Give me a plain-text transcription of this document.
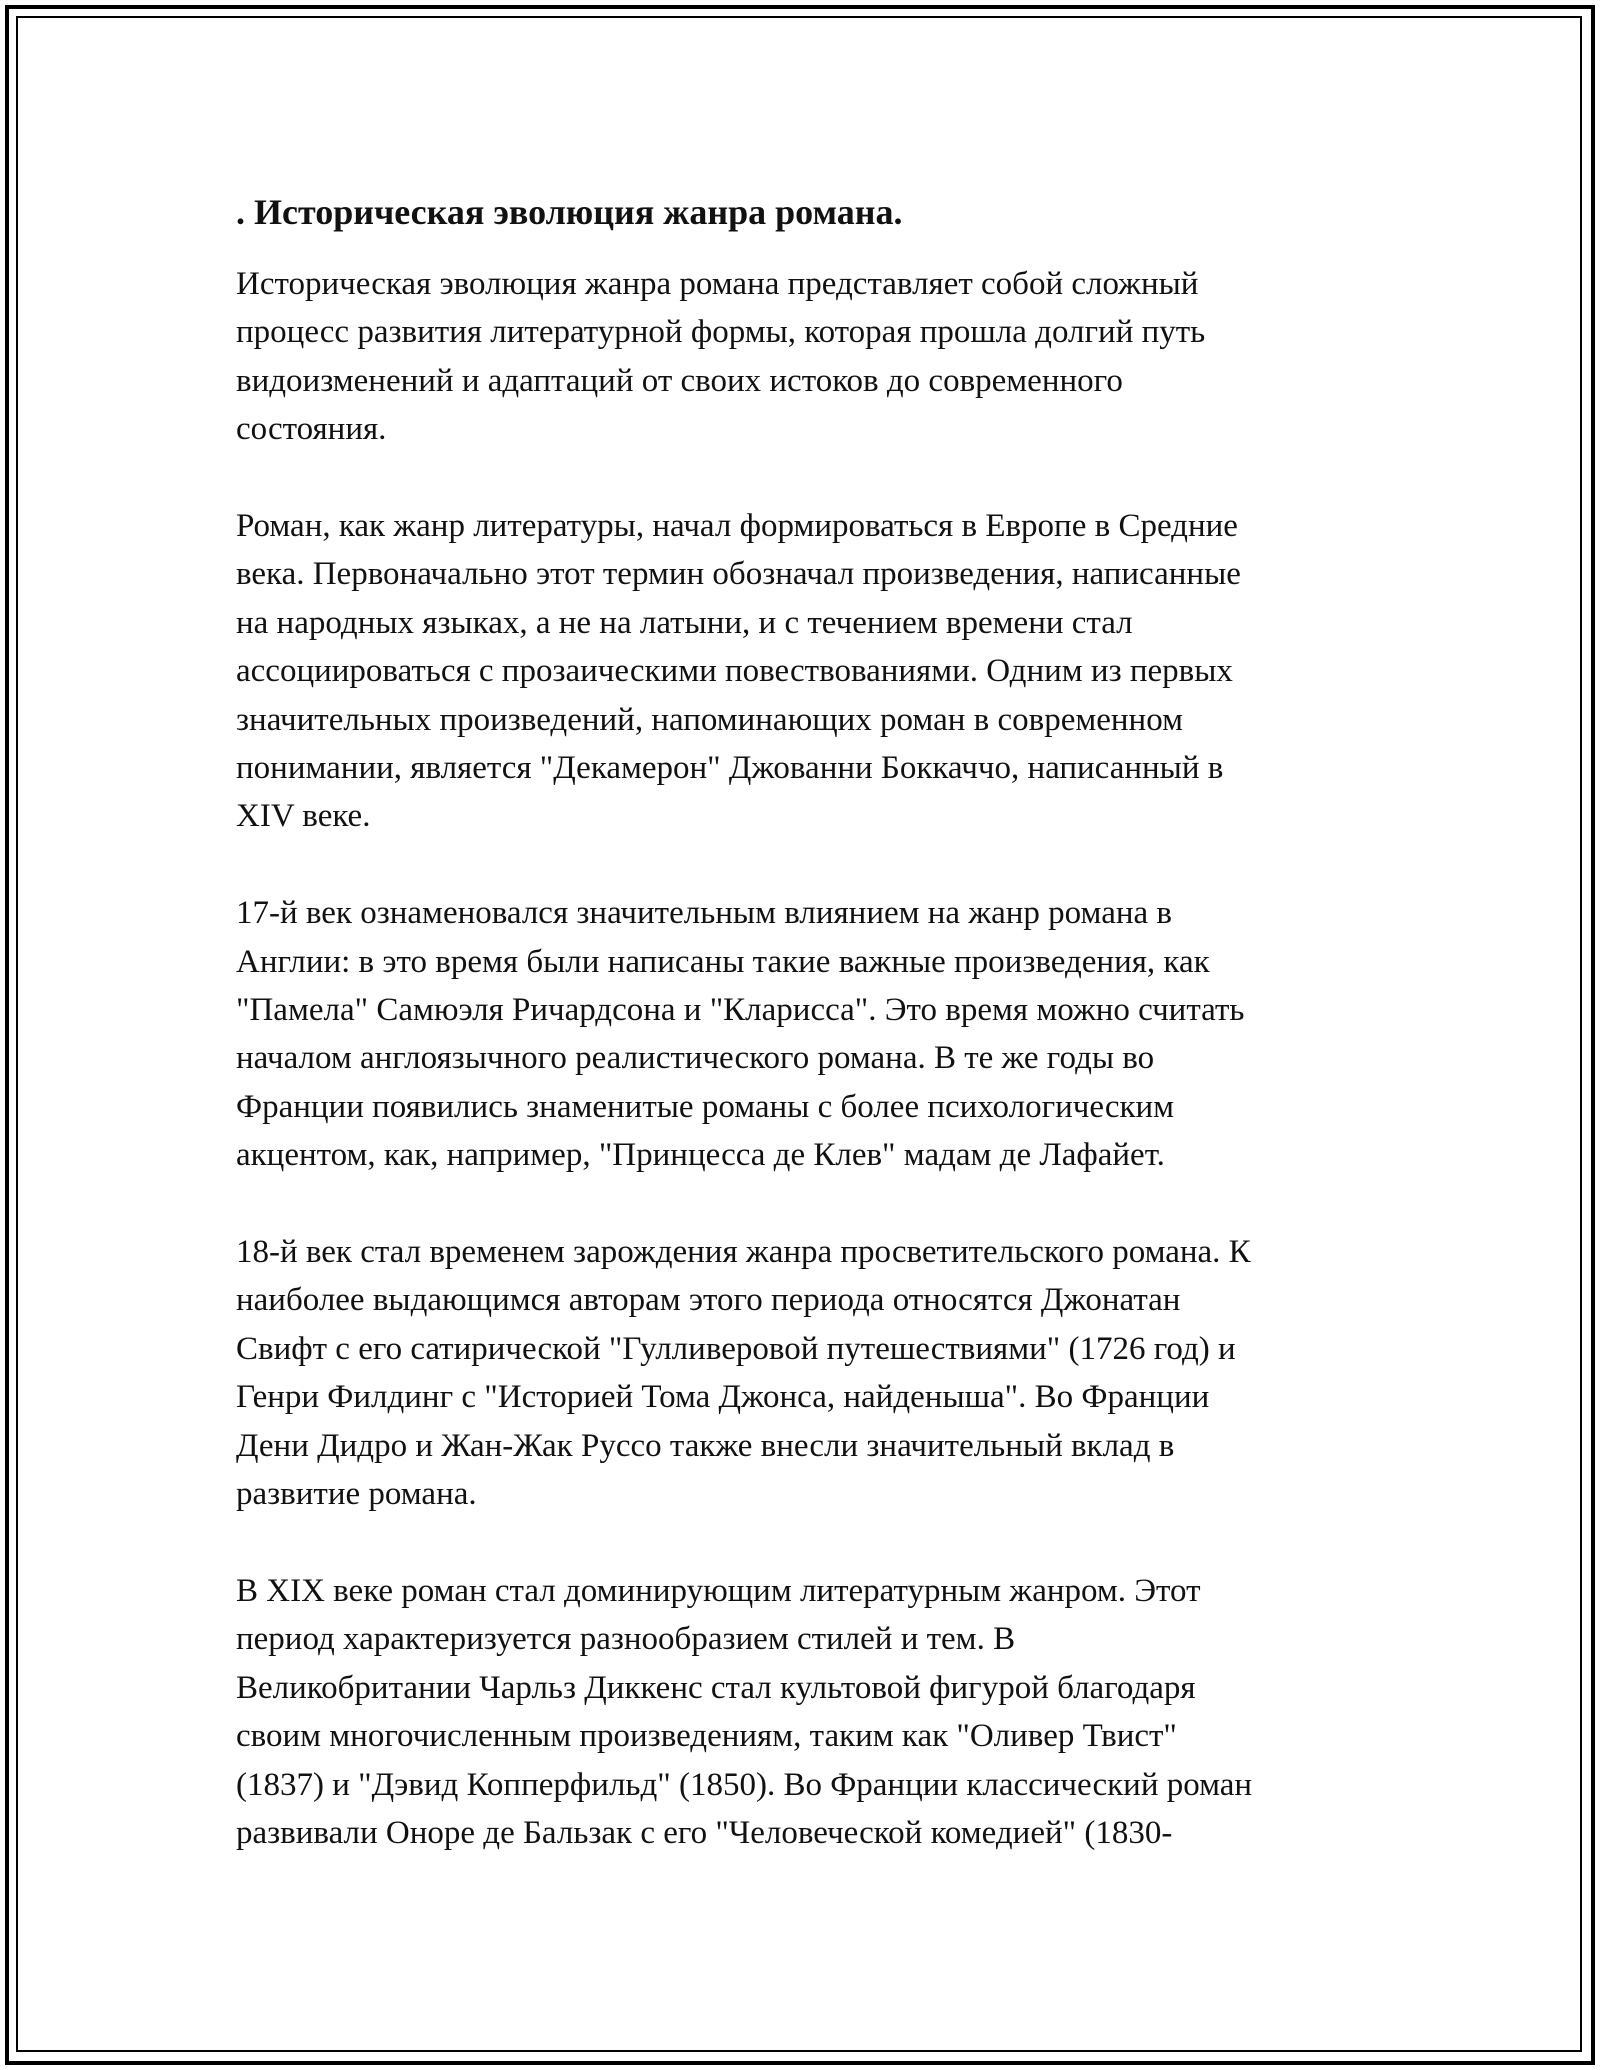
. Историческая эволюция жанра романа.
Историческая эволюция жанра романа представляет собой сложный
процесс развития литературной формы, которая прошла долгий путь
видоизменений и адаптаций от своих истоков до современного
состояния.
Роман, как жанр литературы, начал формироваться в Европе в Средние
века. Первоначально этот термин обозначал произведения, написанные
на народных языках, а не на латыни, и с течением времени стал
ассоциироваться с прозаическими повествованиями. Одним из первых
значительных произведений, напоминающих роман в современном
понимании, является "Декамерон" Джованни Боккаччо, написанный в
XIV веке.
17-й век ознаменовался значительным влиянием на жанр романа в
Англии: в это время были написаны такие важные произведения, как
"Памела" Самюэля Ричардсона и "Кларисса". Это время можно считать
началом англоязычного реалистического романа. В те же годы во
Франции появились знаменитые романы с более психологическим
акцентом, как, например, "Принцесса де Клев" мадам де Лафайет.
18-й век стал временем зарождения жанра просветительского романа. К
наиболее выдающимся авторам этого периода относятся Джонатан
Свифт с его сатирической "Гулливеровой путешествиями" (1726 год) и
Генри Филдинг с "Историей Тома Джонса, найденыша". Во Франции
Дени Дидро и Жан-Жак Руссо также внесли значительный вклад в
развитие романа.
В XIX веке роман стал доминирующим литературным жанром. Этот
период характеризуется разнообразием стилей и тем. В
Великобритании Чарльз Диккенс стал культовой фигурой благодаря
своим многочисленным произведениям, таким как "Оливер Твист"
(1837) и "Дэвид Копперфильд" (1850). Во Франции классический роман
развивали Оноре де Бальзак с его "Человеческой комедией" (1830-
